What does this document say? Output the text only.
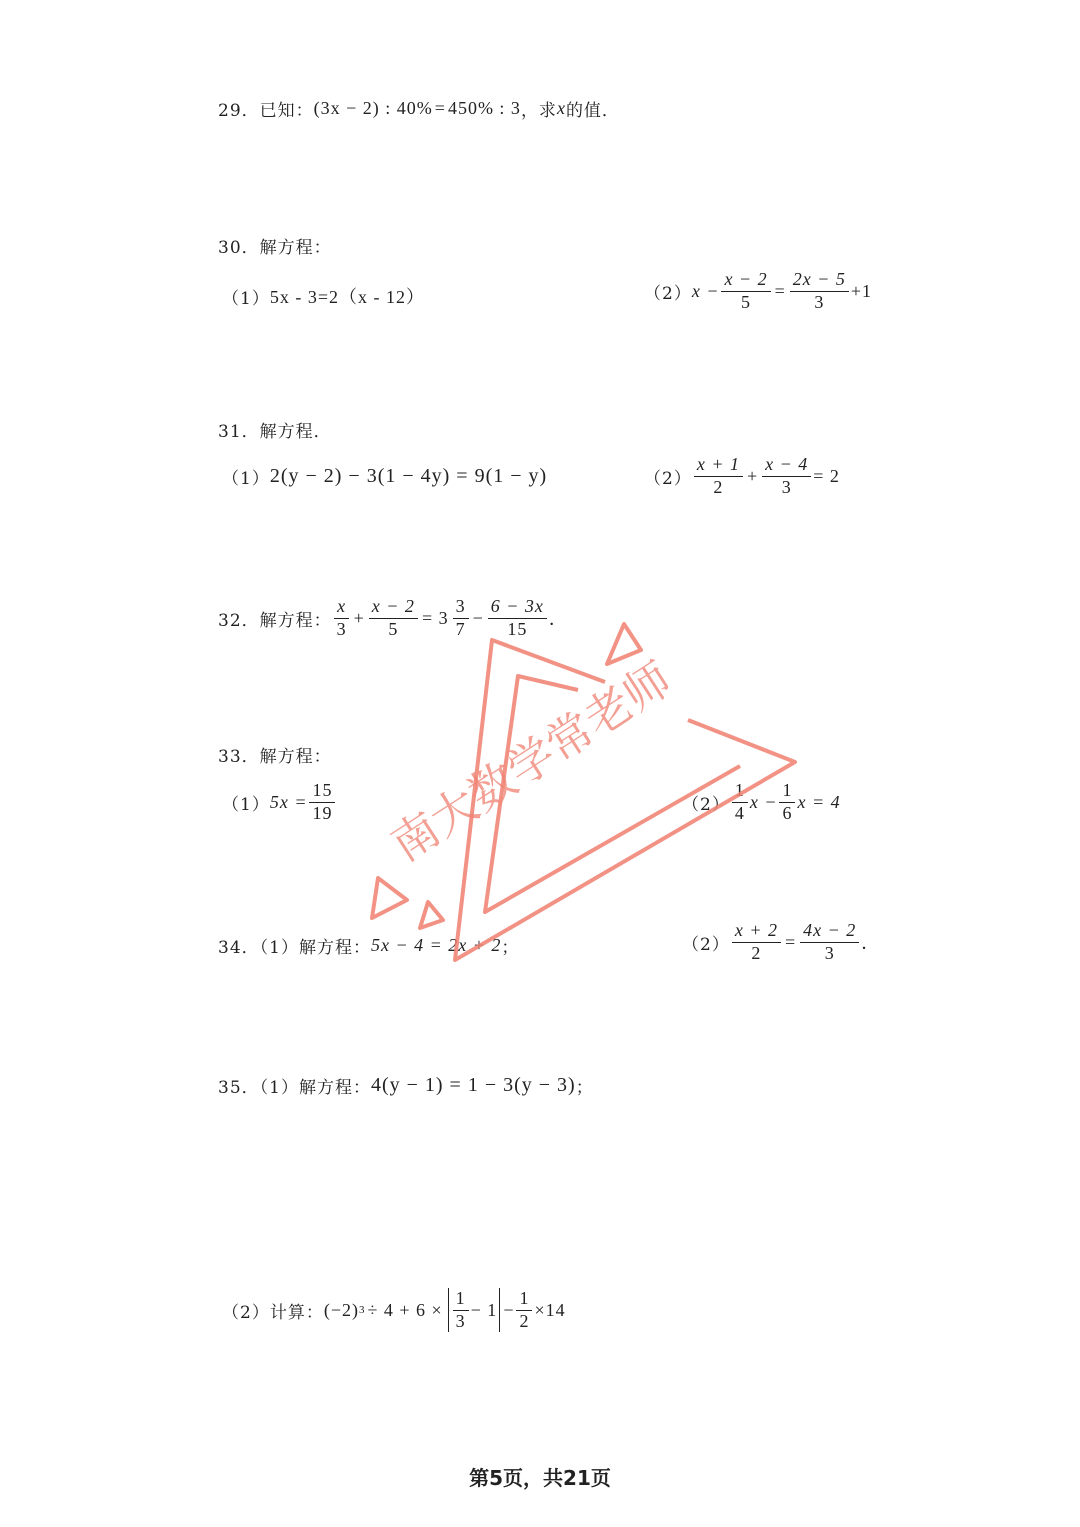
29．已知： (3x − 2) : 40% = 450% : 3 ，求 x 的值．
30．解方程：
（1） 5x - 3=2（x - 12）	（2） $x - \frac{x - 2}{5} = \frac{2x - 5}{3} +1$
31．解方程．
（1） 2(y − 2) − 3(1 − 4y) = 9(1 − y)	$(2) \frac{x + 1}{2} + \frac{x - 4}{3} = 2$
32．解方程： $\frac{x}{3} + \frac{x - 2}{5} = 3 \frac{3}{7} - \frac{6 - 3x}{15}$ ．
33．解方程：
（1） $5x = \frac{15}{19}$	$(2) \frac{1}{4}$ $x - \frac{1}{6}$ x = 4
34．（1）解方程： 5x − 4 = 2x + 2 ；	$(2) \frac{x + 2}{2} = \frac{4x - 2}{3}$ ．
35．（1）解方程： 4(y − 1) = 1 − 3(y − 3) ；
（2）计算： (−2) $3 \div 4 + 6 \times \frac{1}{3} - 1 - \frac{1}{2} \times 14$
南大数学常老师
第5页，共21页
